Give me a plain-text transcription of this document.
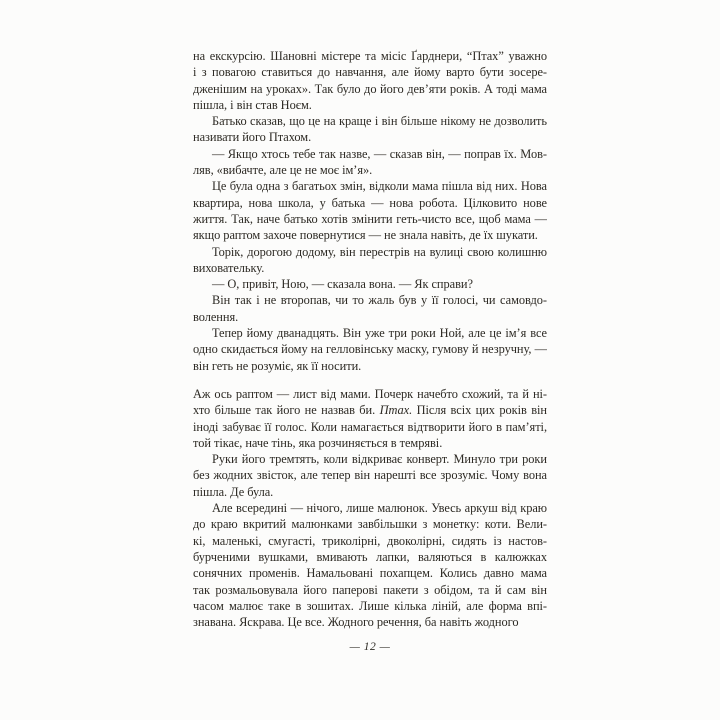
на екскурсію. Шановні містере та місіс Ґарднери, “Птах” уважно
і з повагою ставиться до навчання, але йому варто бути зосере-
дженішим на уроках». Так було до його дев’яти років. А тоді мама
пішла, і він став Ноєм.
Батько сказав, що це на краще і він більше нікому не дозволить
називати його Птахом.
— Якщо хтось тебе так назве, — сказав він, — поправ їх. Мов-
ляв, «вибачте, але це не моє ім’я».
Це була одна з багатьох змін, відколи мама пішла від них. Нова
квартира, нова школа, у батька — нова робота. Цілковито нове
життя. Так, наче батько хотів змінити геть-чисто все, щоб мама —
якщо раптом захоче повернутися — не знала навіть, де їх шукати.
Торік, дорогою додому, він перестрів на вулиці свою колишню
виховательку.
— О, привіт, Ною, — сказала вона. — Як справи?
Він так і не второпав, чи то жаль був у її голосі, чи самовдо-
волення.
Тепер йому дванадцять. Він уже три роки Ной, але це ім’я все
одно скидається йому на гелловінську маску, гумову й незручну, —
він геть не розуміє, як її носити.
Аж ось раптом — лист від мами. Почерк начебто схожий, та й ні-
хто більше так його не назвав би. Птах. Після всіх цих років він
іноді забуває її голос. Коли намагається відтворити його в пам’яті,
той тікає, наче тінь, яка розчиняється в темряві.
Руки його тремтять, коли відкриває конверт. Минуло три роки
без жодних звісток, але тепер він нарешті все зрозуміє. Чому вона
пішла. Де була.
Але всередині — нічого, лише малюнок. Увесь аркуш від краю
до краю вкритий малюнками завбільшки з монетку: коти. Вели-
кі, маленькі, смугасті, триколірні, двоколірні, сидять із настов-
бурченими вушками, вмивають лапки, валяються в калюжках
сонячних променів. Намальовані похапцем. Колись давно мама
так розмальовувала його паперові пакети з обідом, та й сам він
часом малює таке в зошитах. Лише кілька ліній, але форма впі-
знавана. Яскрава. Це все. Жодного речення, ба навіть жодного
— 12 —
